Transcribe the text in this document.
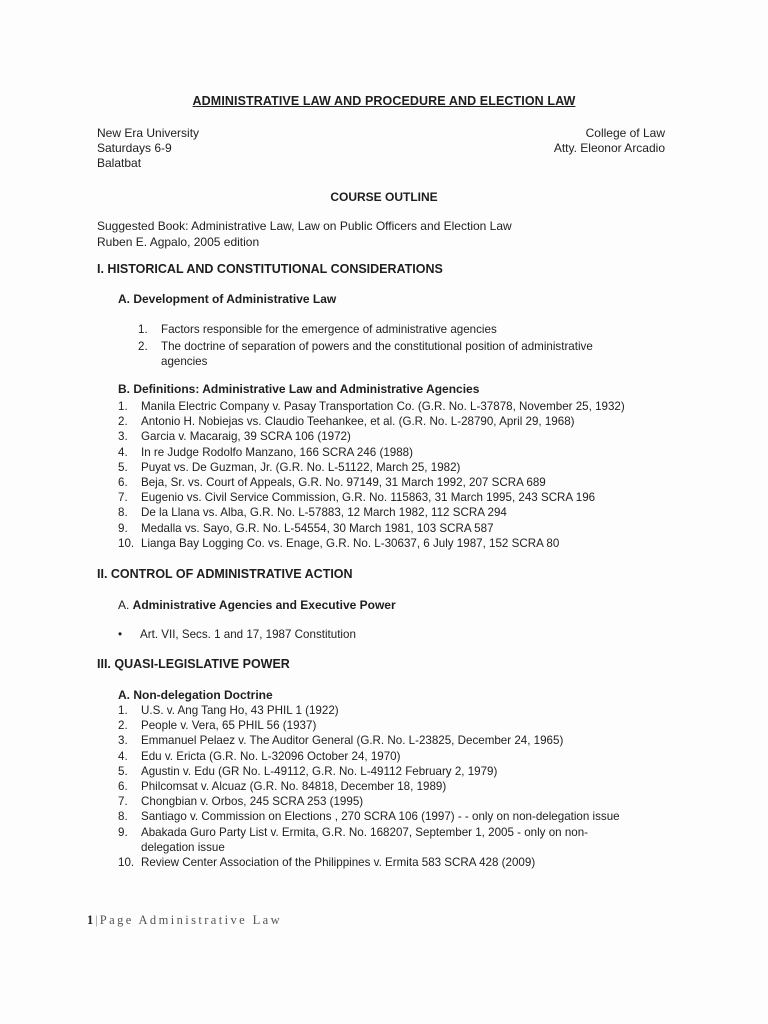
ADMINISTRATIVE LAW AND PROCEDURE AND ELECTION LAW
New Era University
Saturdays 6-9
Balatbat
College of Law
Atty. Eleonor Arcadio
COURSE OUTLINE
Suggested Book: Administrative Law, Law on Public Officers and Election Law
Ruben E. Agpalo, 2005 edition
I. HISTORICAL AND CONSTITUTIONAL CONSIDERATIONS
A. Development of Administrative Law
1.	Factors responsible for the emergence of administrative agencies
2.	The doctrine of separation of powers and the constitutional position of administrative agencies
B. Definitions: Administrative Law and Administrative Agencies
1.	Manila Electric Company v. Pasay Transportation Co. (G.R. No. L-37878, November 25, 1932)
2.	Antonio H. Nobiejas vs. Claudio Teehankee, et al. (G.R. No. L-28790, April 29, 1968)
3.	Garcia v. Macaraig, 39 SCRA 106 (1972)
4.	In re Judge Rodolfo Manzano, 166 SCRA 246 (1988)
5.	Puyat vs. De Guzman, Jr. (G.R. No. L-51122, March 25, 1982)
6.	Beja, Sr. vs. Court of Appeals, G.R. No. 97149, 31 March 1992, 207 SCRA 689
7.	Eugenio vs. Civil Service Commission, G.R. No. 115863, 31 March 1995, 243 SCRA 196
8.	De la Llana vs. Alba, G.R. No. L-57883, 12 March 1982, 112 SCRA 294
9.	Medalla vs. Sayo, G.R. No. L-54554, 30 March 1981, 103 SCRA 587
10. Lianga Bay Logging Co. vs. Enage, G.R. No. L-30637, 6 July 1987, 152 SCRA 80
II. CONTROL OF ADMINISTRATIVE ACTION
A. Administrative Agencies and Executive Power
• Art. VII, Secs. 1 and 17, 1987 Constitution
III. QUASI-LEGISLATIVE POWER
A. Non-delegation Doctrine
1.	U.S. v. Ang Tang Ho, 43 PHIL 1 (1922)
2.	People v. Vera, 65 PHIL 56 (1937)
3.	Emmanuel Pelaez v. The Auditor General (G.R. No. L-23825, December 24, 1965)
4.	Edu v. Ericta (G.R. No. L-32096 October 24, 1970)
5.	Agustin v. Edu (GR No. L-49112, G.R. No. L-49112 February 2, 1979)
6.	Philcomsat v. Alcuaz (G.R. No. 84818, December 18, 1989)
7.	Chongbian v. Orbos, 245 SCRA 253 (1995)
8.	Santiago v. Commission on Elections , 270 SCRA 106 (1997) - - only on non-delegation issue
9.	Abakada Guro Party List v. Ermita, G.R. No. 168207, September 1, 2005 - only on non-delegation issue
10. Review Center Association of the Philippines v. Ermita 583 SCRA 428 (2009)
1 | Page Administrative Law
